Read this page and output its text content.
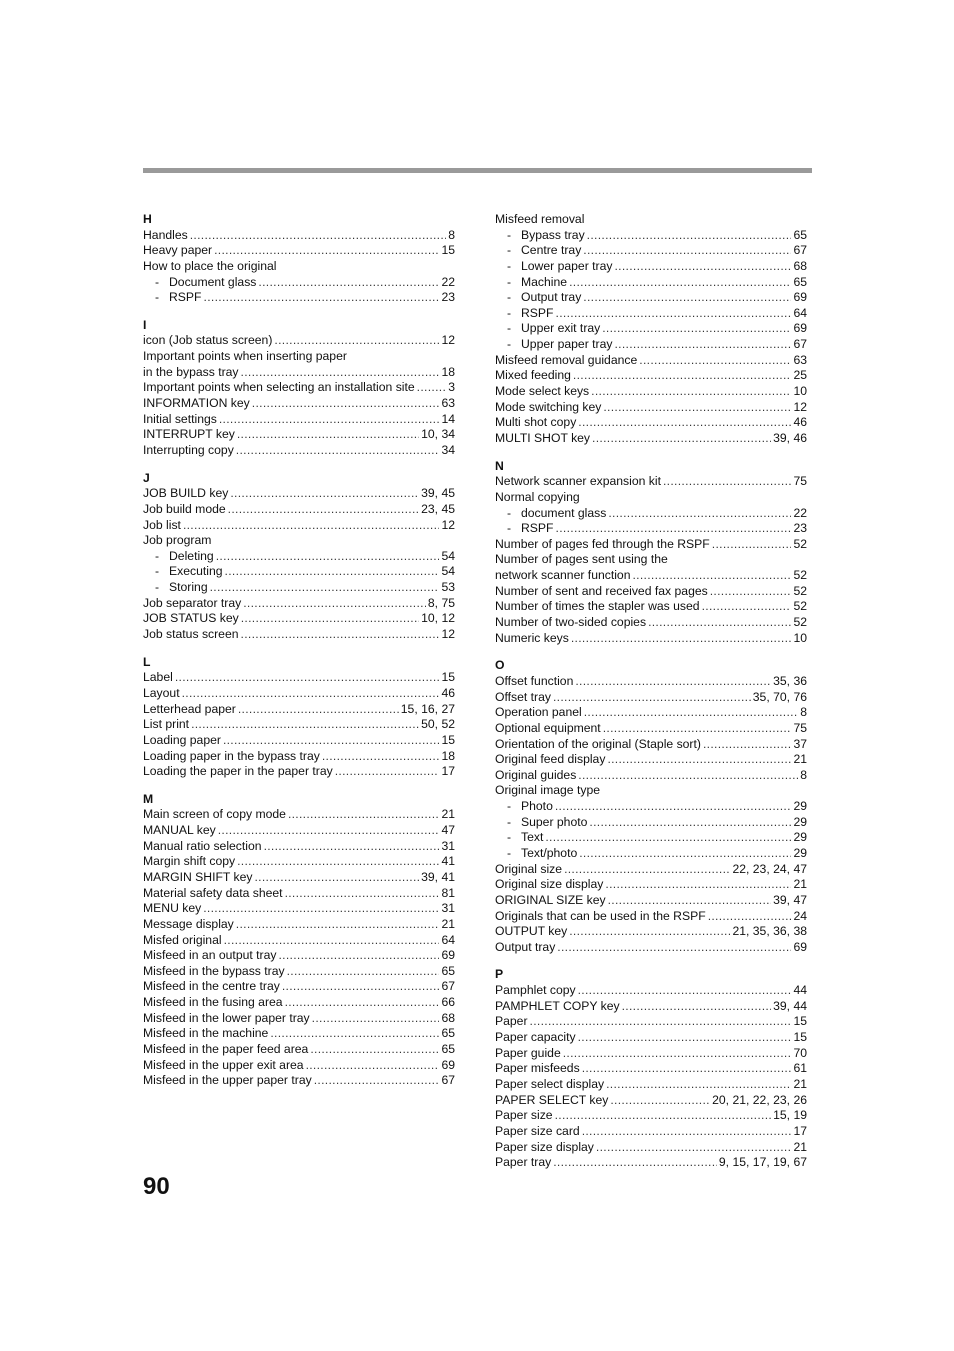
H
Handles .....	8
Heavy paper .....	15
How to place the original
- Document glass .....	22
- RSPF .....	23
I
icon (Job status screen) .....	12
Important points when inserting paper
in the bypass tray .....	18
Important points when selecting an installation site .....	3
INFORMATION key .....	63
Initial settings .....	14
INTERRUPT key .....	10, 34
Interrupting copy .....	34
J
JOB BUILD key .....	39, 45
Job build mode .....	23, 45
Job list .....	12
Job program
- Deleting .....	54
- Executing .....	54
- Storing .....	53
Job separator tray .....	8, 75
JOB STATUS key .....	10, 12
Job status screen .....	12
L
Label .....	15
Layout .....	46
Letterhead paper .....	15, 16, 27
List print .....	50, 52
Loading paper .....	15
Loading paper in the bypass tray .....	18
Loading the paper in the paper tray .....	17
M
Main screen of copy mode .....	21
MANUAL key .....	47
Manual ratio selection .....	31
Margin shift copy .....	41
MARGIN SHIFT key .....	39, 41
Material safety data sheet .....	81
MENU key .....	31
Message display .....	21
Misfed original .....	64
Misfeed in an output tray .....	69
Misfeed in the bypass tray .....	65
Misfeed in the centre tray .....	67
Misfeed in the fusing area .....	66
Misfeed in the lower paper tray .....	68
Misfeed in the machine .....	65
Misfeed in the paper feed area .....	65
Misfeed in the upper exit area .....	69
Misfeed in the upper paper tray .....	67
Misfeed removal
- Bypass tray .....	65
- Centre tray .....	67
- Lower paper tray .....	68
- Machine .....	65
- Output tray .....	69
- RSPF .....	64
- Upper exit tray .....	69
- Upper paper tray .....	67
Misfeed removal guidance .....	63
Mixed feeding .....	25
Mode select keys .....	10
Mode switching key .....	12
Multi shot copy .....	46
MULTI SHOT key .....	39, 46
N
Network scanner expansion kit .....	75
Normal copying
- document glass .....	22
- RSPF .....	23
Number of pages fed through the RSPF .....	52
Number of pages sent using the
network scanner function .....	52
Number of sent and received fax pages .....	52
Number of times the stapler was used .....	52
Number of two-sided copies .....	52
Numeric keys .....	10
O
Offset function .....	35, 36
Offset tray .....	35, 70, 76
Operation panel .....	8
Optional equipment .....	75
Orientation of the original (Staple sort) .....	37
Original feed display .....	21
Original guides .....	8
Original image type
- Photo .....	29
- Super photo .....	29
- Text .....	29
- Text/photo .....	29
Original size .....	22, 23, 24, 47
Original size display .....	21
ORIGINAL SIZE key .....	39, 47
Originals that can be used in the RSPF .....	24
OUTPUT key .....	21, 35, 36, 38
Output tray .....	69
P
Pamphlet copy .....	44
PAMPHLET COPY key .....	39, 44
Paper .....	15
Paper capacity .....	15
Paper guide .....	70
Paper misfeeds .....	61
Paper select display .....	21
PAPER SELECT key .....	20, 21, 22, 23, 26
Paper size .....	15, 19
Paper size card .....	17
Paper size display .....	21
Paper tray .....	9, 15, 17, 19, 67
90
